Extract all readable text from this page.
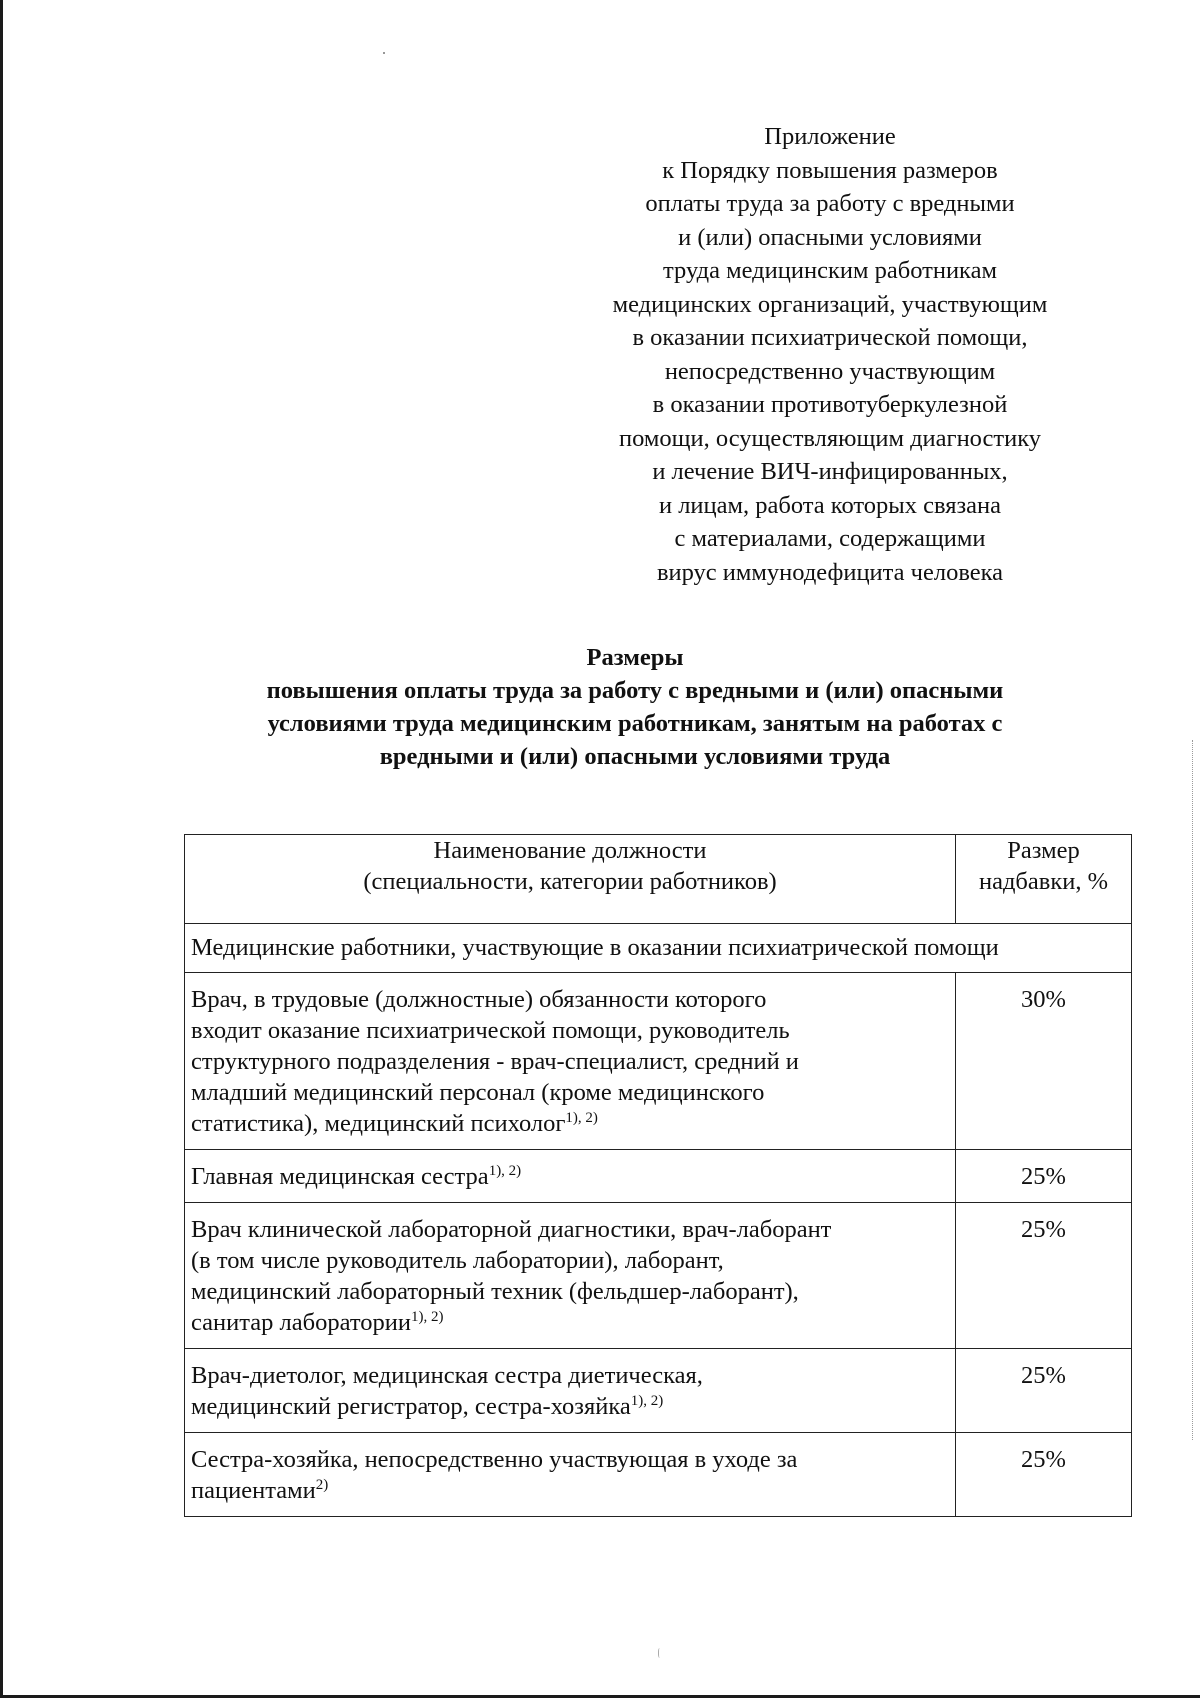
Приложение
к Порядку повышения размеров
оплаты труда за работу с вредными
и (или) опасными условиями
труда медицинским работникам
медицинских организаций, участвующим
в оказании психиатрической помощи,
непосредственно участвующим
в оказании противотуберкулезной
помощи, осуществляющим диагностику
и лечение ВИЧ-инфицированных,
и лицам, работа которых связана
с материалами, содержащими
вирус иммунодефицита человека
Размеры
повышения оплаты труда за работу с вредными и (или) опасными
условиями труда медицинским работникам, занятым на работах с
вредными и (или) опасными условиями труда
Наименование должности
(специальности, категории работников)	Размер
надбавки, %

Медицинские работники, участвующие в оказании психиатрической помощи	

Врач, в трудовые (должностные) обязанности которого
входит оказание психиатрической помощи, руководитель
структурного подразделения - врач-специалист, средний и
младший медицинский персонал (кроме медицинского
статистика), медицинский психолог$^{1), 2)}$	30%

Главная медицинская сестра$^{1), 2)}$	25%

Врач клинической лабораторной диагностики, врач-лаборант
(в том числе руководитель лаборатории), лаборант,
медицинский лабораторный техник (фельдшер-лаборант),
санитар лаборатории$^{1), 2)}$	25%

Врач-диетолог, медицинская сестра диетическая,
медицинский регистратор, сестра-хозяйка$^{1), 2)}$	25%

Сестра-хозяйка, непосредственно участвующая в уходе за
пациентами$^{2)}$	25%
